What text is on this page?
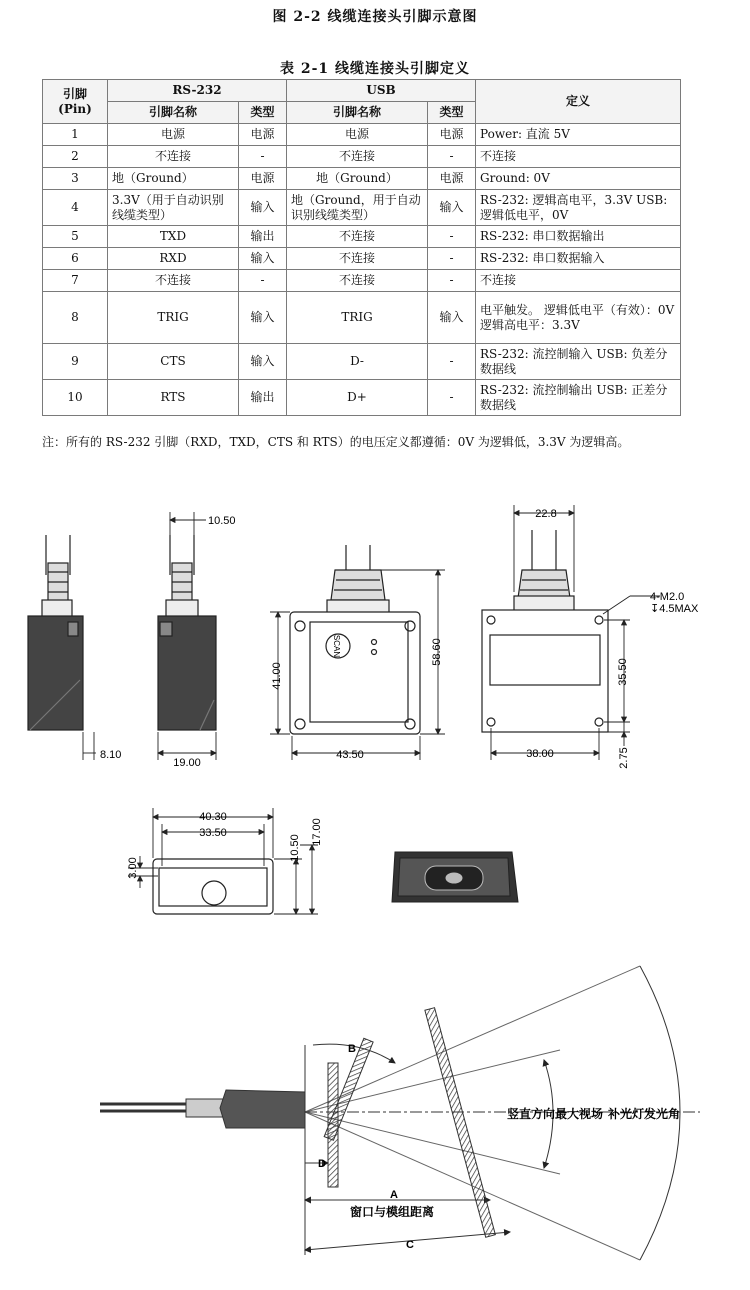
图 2-2 线缆连接头引脚示意图
表 2-1 线缆连接头引脚定义
引脚
(Pin)	RS-232		USB		定义
	引脚名称	类型	引脚名称	类型	
1	电源	电源	电源	电源	Power: 直流 5V
2	不连接	-	不连接	-	不连接
3	地（Ground）	电源	地（Ground）	电源	Ground: 0V
4	3.3V（用于自动识别线缆类型）	输入	地（Ground，用于自动识别线缆类型）	输入	RS-232: 逻辑高电平，3.3V USB: 逻辑低电平，0V
5	TXD	输出	不连接	-	RS-232: 串口数据输出
6	RXD	输入	不连接	-	RS-232: 串口数据输入
7	不连接	-	不连接	-	不连接
8	TRIG	输入	TRIG	输入	电平触发。 逻辑低电平（有效）：0V 逻辑高电平：3.3V
9	CTS	输入	D-	-	RS-232: 流控制输入 USB: 负差分数据线
10	RTS	输出	D+	-	RS-232: 流控制输出 USB: 正差分数据线
注：所有的 RS-232 引脚（RXD，TXD，CTS 和 RTS）的电压定义都遵循：0V 为逻辑低，3.3V 为逻辑高。
8.10
10.50
19.00
SCAN
41.00
58.60
43.50
22.8
4-M2.0
↧4.5MAX
35.50
2.75
38.00
40.30
33.50
3.00
10.50
17.00
B
D
A
C
竖直方向最大视场 补光灯发光角
窗口与模组距离
